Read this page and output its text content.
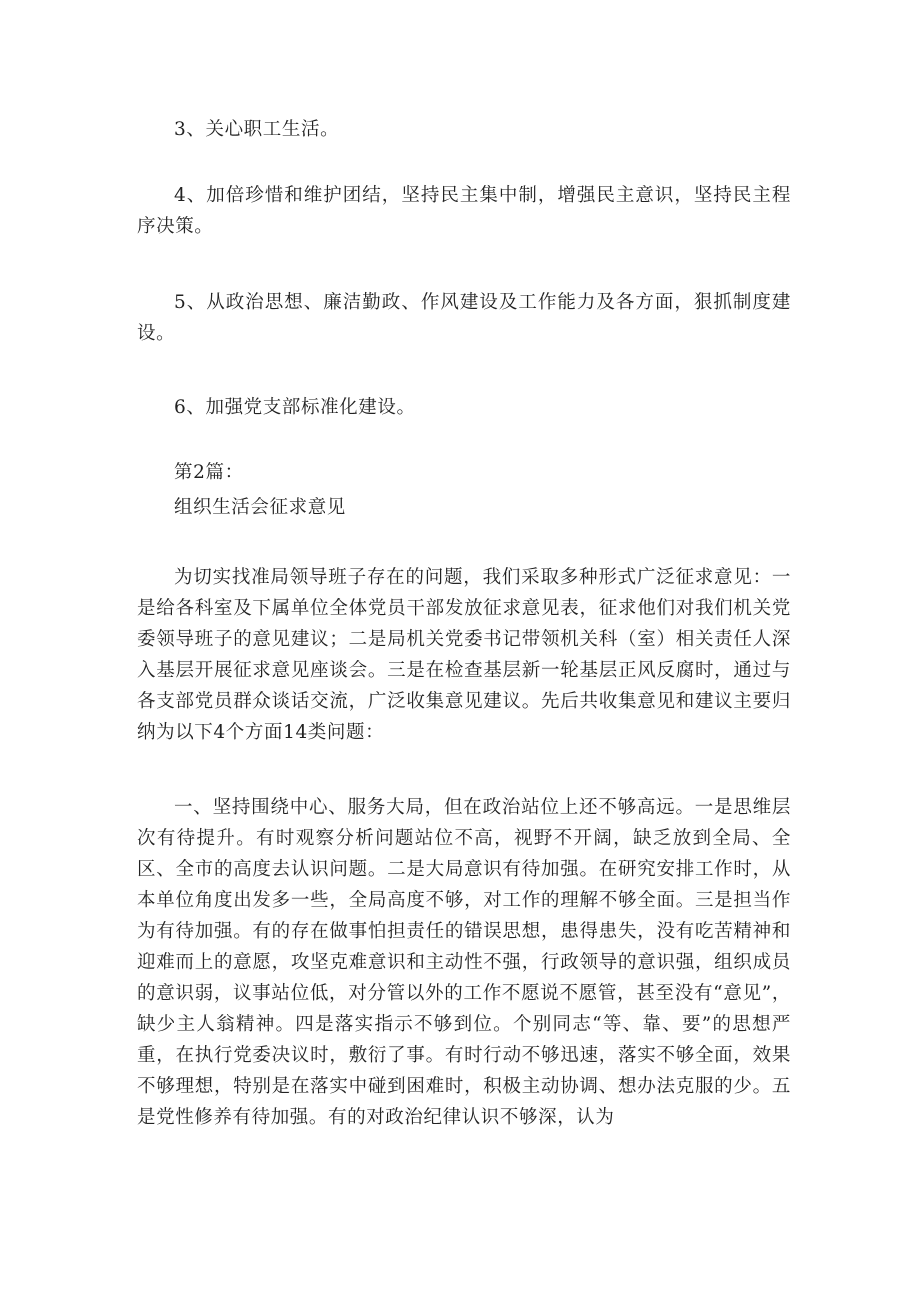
3、关心职工生活。

4、加倍珍惜和维护团结，坚持民主集中制，增强民主意识，坚持民主程序决策。

5、从政治思想、廉洁勤政、作风建设及工作能力及各方面，狠抓制度建设。

6、加强党支部标准化建设。

第2篇：

组织生活会征求意见

为切实找准局领导班子存在的问题，我们采取多种形式广泛征求意见：一是给各科室及下属单位全体党员干部发放征求意见表，征求他们对我们机关党委领导班子的意见建议；二是局机关党委书记带领机关科（室）相关责任人深入基层开展征求意见座谈会。三是在检查基层新一轮基层正风反腐时，通过与各支部党员群众谈话交流，广泛收集意见建议。先后共收集意见和建议主要归纳为以下4个方面14类问题：

一、坚持围绕中心、服务大局，但在政治站位上还不够高远。一是思维层次有待提升。有时观察分析问题站位不高，视野不开阔，缺乏放到全局、全区、全市的高度去认识问题。二是大局意识有待加强。在研究安排工作时，从本单位角度出发多一些，全局高度不够，对工作的理解不够全面。三是担当作为有待加强。有的存在做事怕担责任的错误思想，患得患失，没有吃苦精神和迎难而上的意愿，攻坚克难意识和主动性不强，行政领导的意识强，组织成员的意识弱，议事站位低，对分管以外的工作不愿说不愿管，甚至没有“意见”，缺少主人翁精神。四是落实指示不够到位。个别同志“等、靠、要”的思想严重，在执行党委决议时，敷衍了事。有时行动不够迅速，落实不够全面，效果不够理想，特别是在落实中碰到困难时，积极主动协调、想办法克服的少。五是党性修养有待加强。有的对政治纪律认识不够深，认为
